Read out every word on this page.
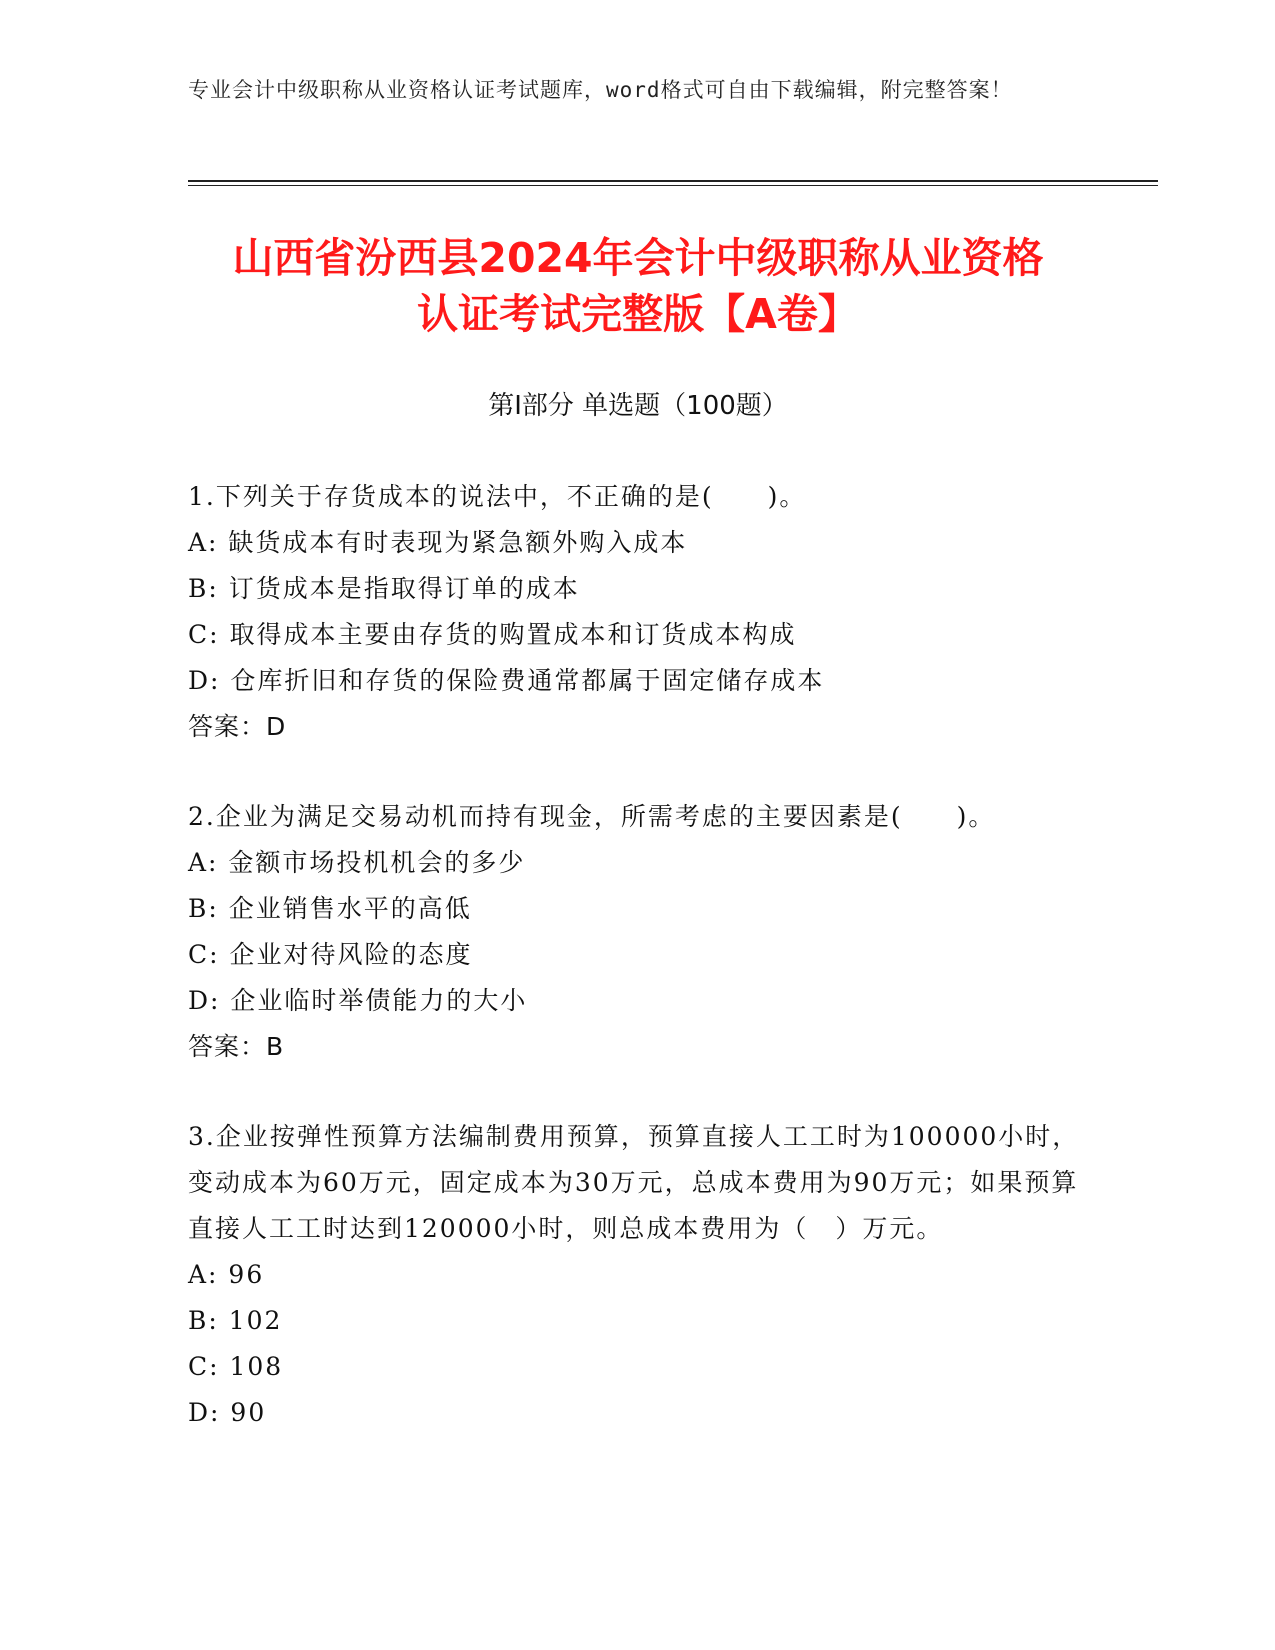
专业会计中级职称从业资格认证考试题库，word格式可自由下载编辑，附完整答案！
山西省汾西县2024年会计中级职称从业资格
认证考试完整版【A卷】
第Ⅰ部分 单选题（100题）

1.下列关于存货成本的说法中，不正确的是(　　)。

A: 缺货成本有时表现为紧急额外购入成本

B: 订货成本是指取得订单的成本

C: 取得成本主要由存货的购置成本和订货成本构成

D: 仓库折旧和存货的保险费通常都属于固定储存成本

答案：D

2.企业为满足交易动机而持有现金，所需考虑的主要因素是(　　)。

A: 金额市场投机机会的多少

B: 企业销售水平的高低

C: 企业对待风险的态度

D: 企业临时举债能力的大小

答案：B

3.企业按弹性预算方法编制费用预算，预算直接人工工时为100000小时，变动成本为60万元，固定成本为30万元，总成本费用为90万元；如果预算直接人工工时达到120000小时，则总成本费用为（　）万元。

A: 96

B: 102

C: 108

D: 90
